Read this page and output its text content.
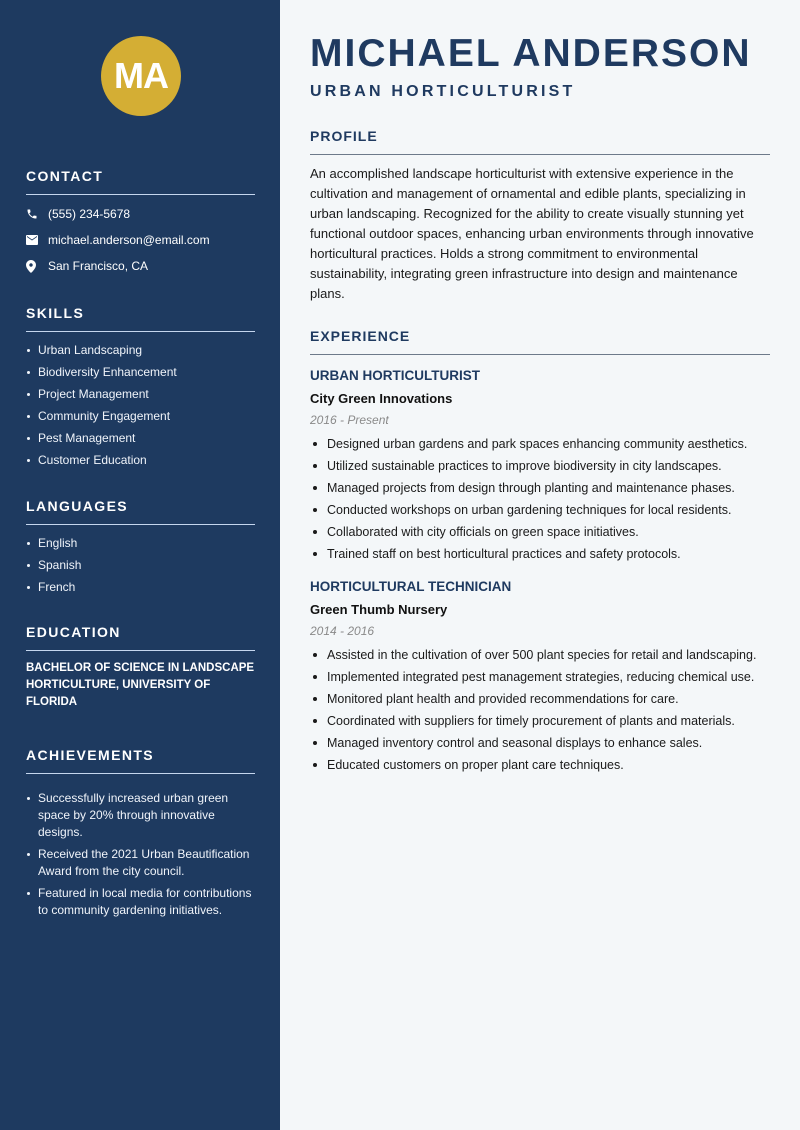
MA
CONTACT
(555) 234-5678
michael.anderson@email.com
San Francisco, CA
SKILLS
Urban Landscaping
Biodiversity Enhancement
Project Management
Community Engagement
Pest Management
Customer Education
LANGUAGES
English
Spanish
French
EDUCATION

BACHELOR OF SCIENCE IN LANDSCAPE HORTICULTURE, UNIVERSITY OF FLORIDA

ACHIEVEMENTS
Successfully increased urban green space by 20% through innovative designs.
Received the 2021 Urban Beautification Award from the city council.
Featured in local media for contributions to community gardening initiatives.
MICHAEL ANDERSON
URBAN HORTICULTURIST
PROFILE

An accomplished landscape horticulturist with extensive experience in the cultivation and management of ornamental and edible plants, specializing in urban landscaping. Recognized for the ability to create visually stunning yet functional outdoor spaces, enhancing urban environments through innovative horticultural practices. Holds a strong commitment to environmental sustainability, integrating green infrastructure into design and maintenance plans.

EXPERIENCE
URBAN HORTICULTURIST
City Green Innovations
2016 - Present
Designed urban gardens and park spaces enhancing community aesthetics.
Utilized sustainable practices to improve biodiversity in city landscapes.
Managed projects from design through planting and maintenance phases.
Conducted workshops on urban gardening techniques for local residents.
Collaborated with city officials on green space initiatives.
Trained staff on best horticultural practices and safety protocols.
HORTICULTURAL TECHNICIAN
Green Thumb Nursery
2014 - 2016
Assisted in the cultivation of over 500 plant species for retail and landscaping.
Implemented integrated pest management strategies, reducing chemical use.
Monitored plant health and provided recommendations for care.
Coordinated with suppliers for timely procurement of plants and materials.
Managed inventory control and seasonal displays to enhance sales.
Educated customers on proper plant care techniques.
